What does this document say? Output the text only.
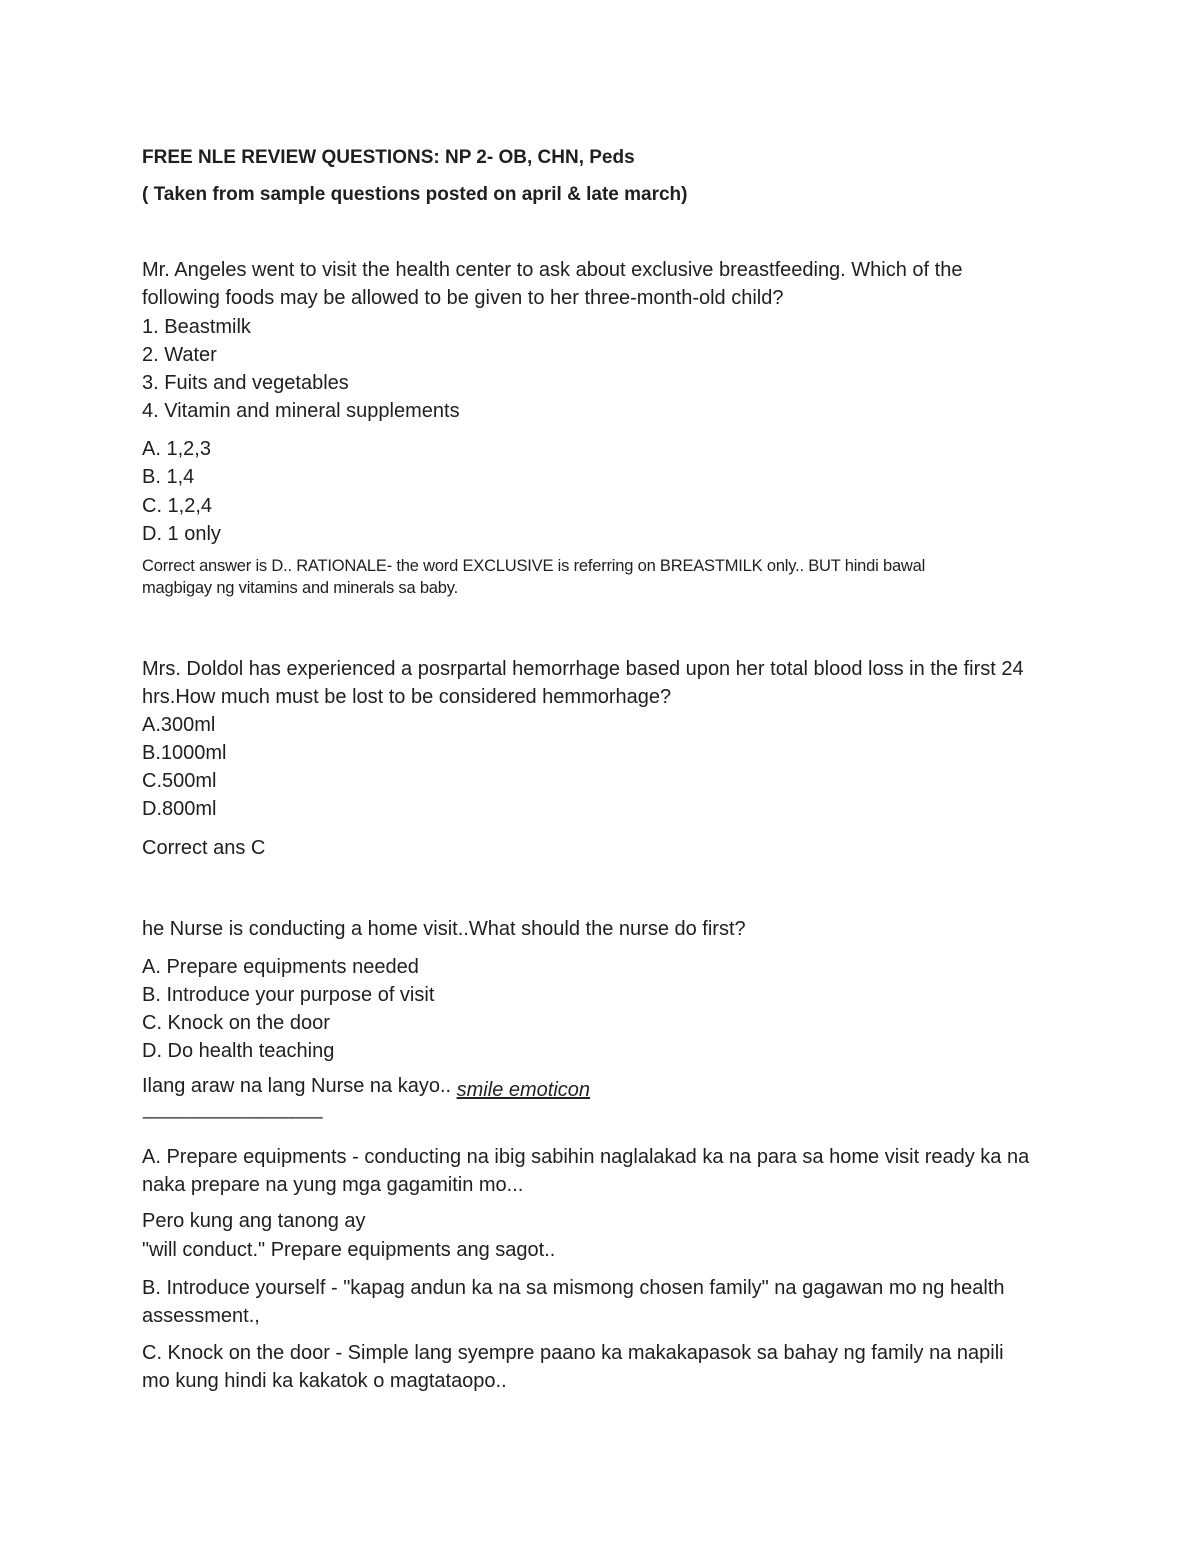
FREE NLE REVIEW QUESTIONS: NP 2- OB, CHN, Peds

( Taken from sample questions posted on april & late march)

Mr. Angeles went to visit the health center to ask about exclusive breastfeeding. Which of the

following foods may be allowed to be given to her three-month-old child?

1. Beastmilk

2. Water

3. Fuits and vegetables

4. Vitamin and mineral supplements

A. 1,2,3

B. 1,4

C. 1,2,4

D. 1 only

Correct answer is D.. RATIONALE- the word EXCLUSIVE is referring on BREASTMILK only.. BUT hindi bawal

magbigay ng vitamins and minerals sa baby.

Mrs. Doldol has experienced a posrpartal hemorrhage based upon her total blood loss in the first 24

hrs.How much must be lost to be considered hemmorhage?

A.300ml

B.1000ml

C.500ml

D.800ml

Correct ans C

he Nurse is conducting a home visit..What should the nurse do first?

A. Prepare equipments needed

B. Introduce your purpose of visit

C. Knock on the door

D. Do health teaching

Ilang araw na lang Nurse na kayo.. smile emoticon

-----------------------------------------------

A. Prepare equipments - conducting na ibig sabihin naglalakad ka na para sa home visit ready ka na

naka prepare na yung mga gagamitin mo...

Pero kung ang tanong ay

"will conduct." Prepare equipments ang sagot..

B. Introduce yourself - "kapag andun ka na sa mismong chosen family" na gagawan mo ng health

assessment.,

C. Knock on the door - Simple lang syempre paano ka makakapasok sa bahay ng family na napili

mo kung hindi ka kakatok o magtataopo..
